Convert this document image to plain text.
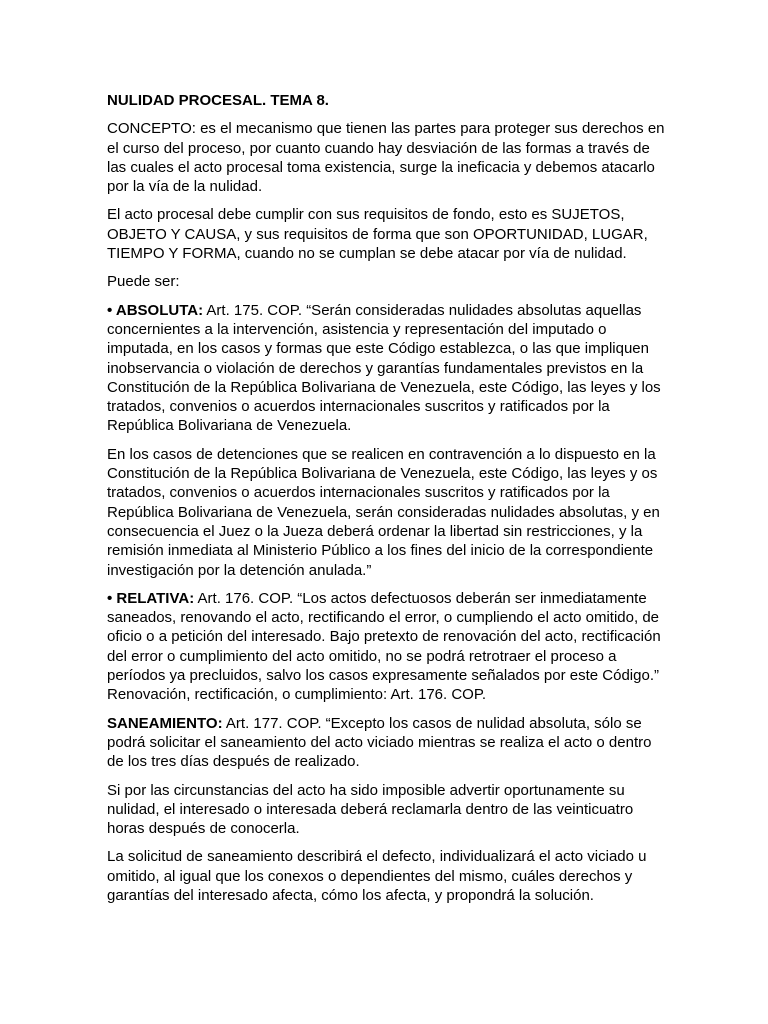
NULIDAD PROCESAL. TEMA 8.

CONCEPTO: es el mecanismo que tienen las partes para proteger sus derechos en el curso del proceso, por cuanto cuando hay desviación de las formas a través de las cuales el acto procesal toma existencia, surge la ineficacia y debemos atacarlo por la vía de la nulidad.

El acto procesal debe cumplir con sus requisitos de fondo, esto es SUJETOS, OBJETO Y CAUSA, y sus requisitos de forma que son OPORTUNIDAD, LUGAR, TIEMPO Y FORMA, cuando no se cumplan se debe atacar por vía de nulidad.

Puede ser:

• ABSOLUTA: Art. 175. COP. “Serán consideradas nulidades absolutas aquellas concernientes a la intervención, asistencia y representación del imputado o imputada, en los casos y formas que este Código establezca, o las que impliquen inobservancia o violación de derechos y garantías fundamentales previstos en la Constitución de la República Bolivariana de Venezuela, este Código, las leyes y los tratados, convenios o acuerdos internacionales suscritos y ratificados por la República Bolivariana de Venezuela.

En los casos de detenciones que se realicen en contravención a lo dispuesto en la Constitución de la República Bolivariana de Venezuela, este Código, las leyes y os tratados, convenios o acuerdos internacionales suscritos y ratificados por la República Bolivariana de Venezuela, serán consideradas nulidades absolutas, y en consecuencia el Juez o la Jueza deberá ordenar la libertad sin restricciones, y la remisión inmediata al Ministerio Público a los fines del inicio de la correspondiente investigación por la detención anulada.”

• RELATIVA: Art. 176. COP. “Los actos defectuosos deberán ser inmediatamente saneados, renovando el acto, rectificando el error, o cumpliendo el acto omitido, de oficio o a petición del interesado. Bajo pretexto de renovación del acto, rectificación del error o cumplimiento del acto omitido, no se podrá retrotraer el proceso a períodos ya precluidos, salvo los casos expresamente señalados por este Código.” Renovación, rectificación, o cumplimiento: Art. 176. COP.

SANEAMIENTO: Art. 177. COP. “Excepto los casos de nulidad absoluta, sólo se podrá solicitar el saneamiento del acto viciado mientras se realiza el acto o dentro de los tres días después de realizado.

Si por las circunstancias del acto ha sido imposible advertir oportunamente su nulidad, el interesado o interesada deberá reclamarla dentro de las veinticuatro horas después de conocerla.

La solicitud de saneamiento describirá el defecto, individualizará el acto viciado u omitido, al igual que los conexos o dependientes del mismo, cuáles derechos y garantías del interesado afecta, cómo los afecta, y propondrá la solución.
